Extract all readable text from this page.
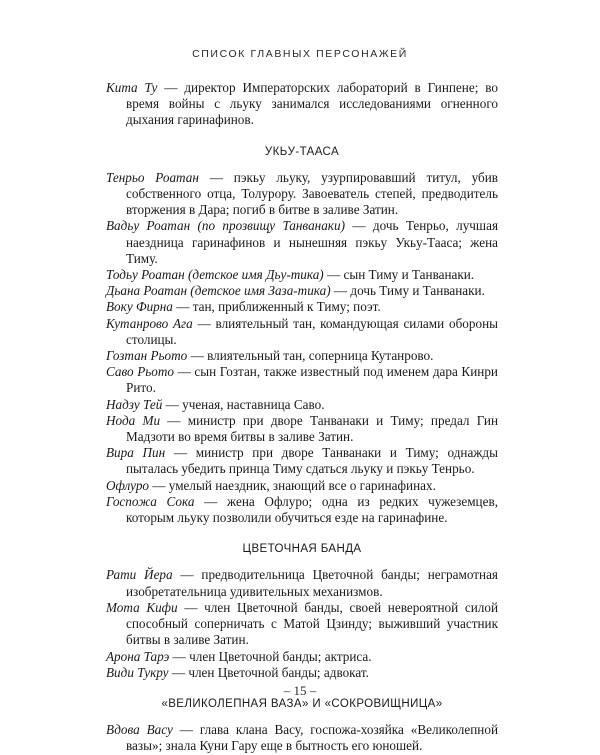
СПИСОК ГЛАВНЫХ ПЕРСОНАЖЕЙ

Кита Ту — директор Императорских лабораторий в Гинпене; во время войны с льуку занимался исследованиями огненного дыхания гаринафинов.

УКЬУ-ТААСА

Тенрьо Роатан — пэкьу льуку, узурпировавший титул, убив собственного отца, Толурору. Завоеватель степей, предводитель вторжения в Дара; погиб в битве в заливе Затин.

Вадьу Роатан (по прозвищу Танванаки) — дочь Тенрьо, лучшая наездница гаринафинов и нынешняя пэкьу Укьу-Тааса; жена Тиму.

Тодьу Роатан (детское имя Дьу-тика) — сын Тиму и Танванаки.

Дьана Роатан (детское имя Заза-тика) — дочь Тиму и Танванаки.

Воку Фирна — тан, приближенный к Тиму; поэт.

Кутанрово Ага — влиятельный тан, командующая силами обороны столицы.

Гозтан Рьото — влиятельный тан, соперница Кутанрово.

Саво Рьото — сын Гозтан, также известный под именем дара Кинри Рито.

Надзу Тей — ученая, наставница Саво.

Нода Ми — министр при дворе Танванаки и Тиму; предал Гин Мадзоти во время битвы в заливе Затин.

Вира Пин — министр при дворе Танванаки и Тиму; однажды пыталась убедить принца Тиму сдаться льуку и пэкьу Тенрьо.

Офлуро — умелый наездник, знающий все о гаринафинах.

Госпожа Сока — жена Офлуро; одна из редких чужеземцев, которым льуку позволили обучиться езде на гаринафине.

ЦВЕТОЧНАЯ БАНДА

Рати Йера — предводительница Цветочной банды; неграмотная изобретательница удивительных механизмов.

Мота Кифи — член Цветочной банды, своей невероятной силой способный соперничать с Матой Цзинду; выживший участник битвы в заливе Затин.

Арона Тарэ — член Цветочной банды; актриса.

Види Тукру — член Цветочной банды; адвокат.

«ВЕЛИКОЛЕПНАЯ ВАЗА» И «СОКРОВИЩНИЦА»

Вдова Васу — глава клана Васу, госпожа-хозяйка «Великолепной вазы»; знала Куни Гару еще в бытность его юношей.

– 15 –
